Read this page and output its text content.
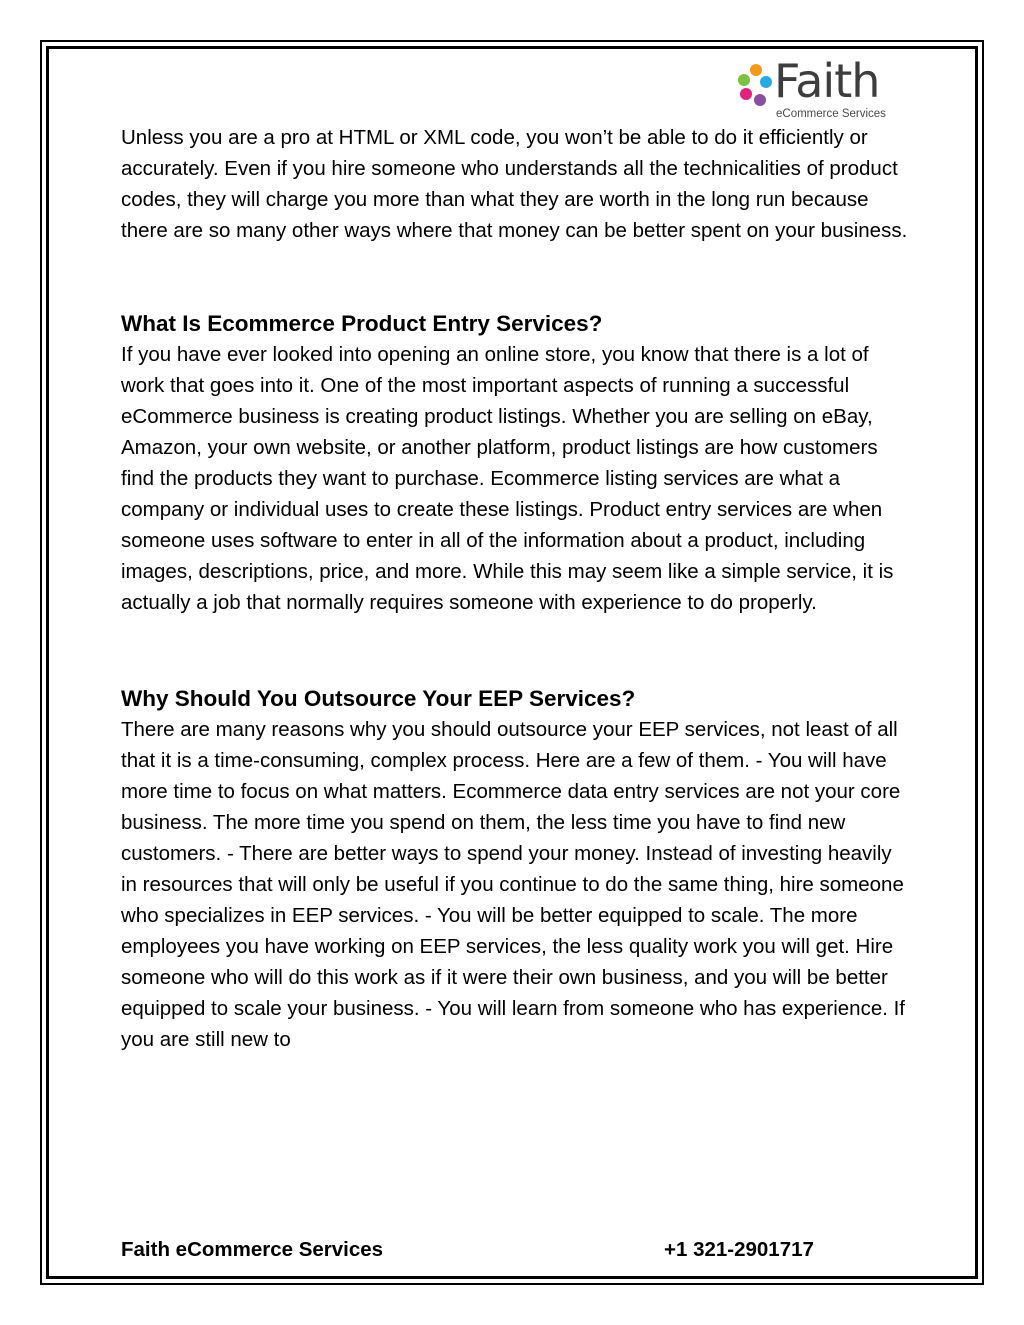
Faith
eCommerce Services

Unless you are a pro at HTML or XML code, you won’t be able to do it efficiently or accurately. Even if you hire someone who understands all the technicalities of product codes, they will charge you more than what they are worth in the long run because there are so many other ways where that money can be better spent on your business.

What Is Ecommerce Product Entry Services?

If you have ever looked into opening an online store, you know that there is a lot of work that goes into it. One of the most important aspects of running a successful eCommerce business is creating product listings. Whether you are selling on eBay, Amazon, your own website, or another platform, product listings are how customers find the products they want to purchase. Ecommerce listing services are what a company or individual uses to create these listings. Product entry services are when someone uses software to enter in all of the information about a product, including images, descriptions, price, and more. While this may seem like a simple service, it is actually a job that normally requires someone with experience to do properly.

Why Should You Outsource Your EEP Services?

There are many reasons why you should outsource your EEP services, not least of all that it is a time-consuming, complex process. Here are a few of them. - You will have more time to focus on what matters. Ecommerce data entry services are not your core business. The more time you spend on them, the less time you have to find new customers. - There are better ways to spend your money. Instead of investing heavily in resources that will only be useful if you continue to do the same thing, hire someone who specializes in EEP services. - You will be better equipped to scale. The more employees you have working on EEP services, the less quality work you will get. Hire someone who will do this work as if it were their own business, and you will be better equipped to scale your business. - You will learn from someone who has experience. If you are still new to

Faith eCommerce Services	+1 321-2901717
